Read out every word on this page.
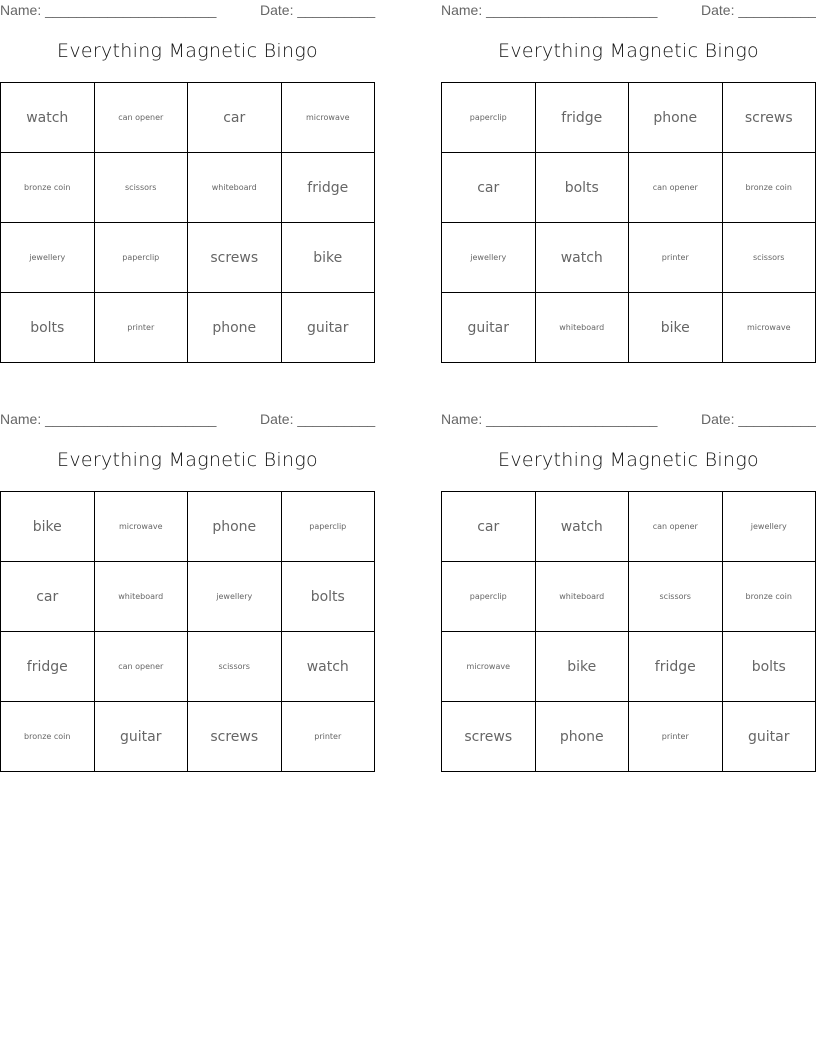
Name: ______________________	Date: __________
Everything Magnetic Bingo
watch	can opener	car	microwave
bronze coin	scissors	whiteboard	fridge
jewellery	paperclip	screws	bike
bolts	printer	phone	guitar
Name: ______________________	Date: __________
Everything Magnetic Bingo
paperclip	fridge	phone	screws
car	bolts	can opener	bronze coin
jewellery	watch	printer	scissors
guitar	whiteboard	bike	microwave
Name: ______________________	Date: __________
Everything Magnetic Bingo
bike	microwave	phone	paperclip
car	whiteboard	jewellery	bolts
fridge	can opener	scissors	watch
bronze coin	guitar	screws	printer
Name: ______________________	Date: __________
Everything Magnetic Bingo
car	watch	can opener	jewellery
paperclip	whiteboard	scissors	bronze coin
microwave	bike	fridge	bolts
screws	phone	printer	guitar
